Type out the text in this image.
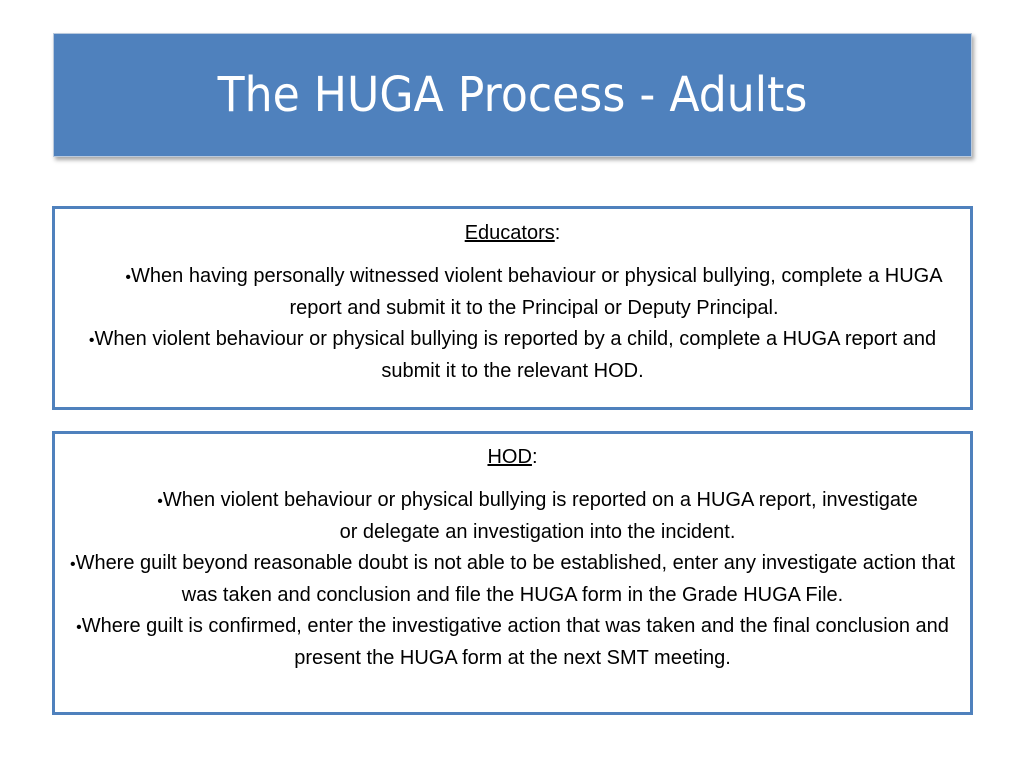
The HUGA Process - Adults

Educators:

•When having personally witnessed violent behaviour or physical bullying, complete a HUGA report and submit it to the Principal or Deputy Principal.

•When violent behaviour or physical bullying is reported by a child, complete a HUGA report and submit it to the relevant HOD.

HOD:

•When violent behaviour or physical bullying is reported on a HUGA report, investigate or delegate an investigation into the incident.

•Where guilt beyond reasonable doubt is not able to be established, enter any investigate action that was taken and conclusion and file the HUGA form in the Grade HUGA File.

•Where guilt is confirmed, enter the investigative action that was taken and the final conclusion and present the HUGA form at the next SMT meeting.
